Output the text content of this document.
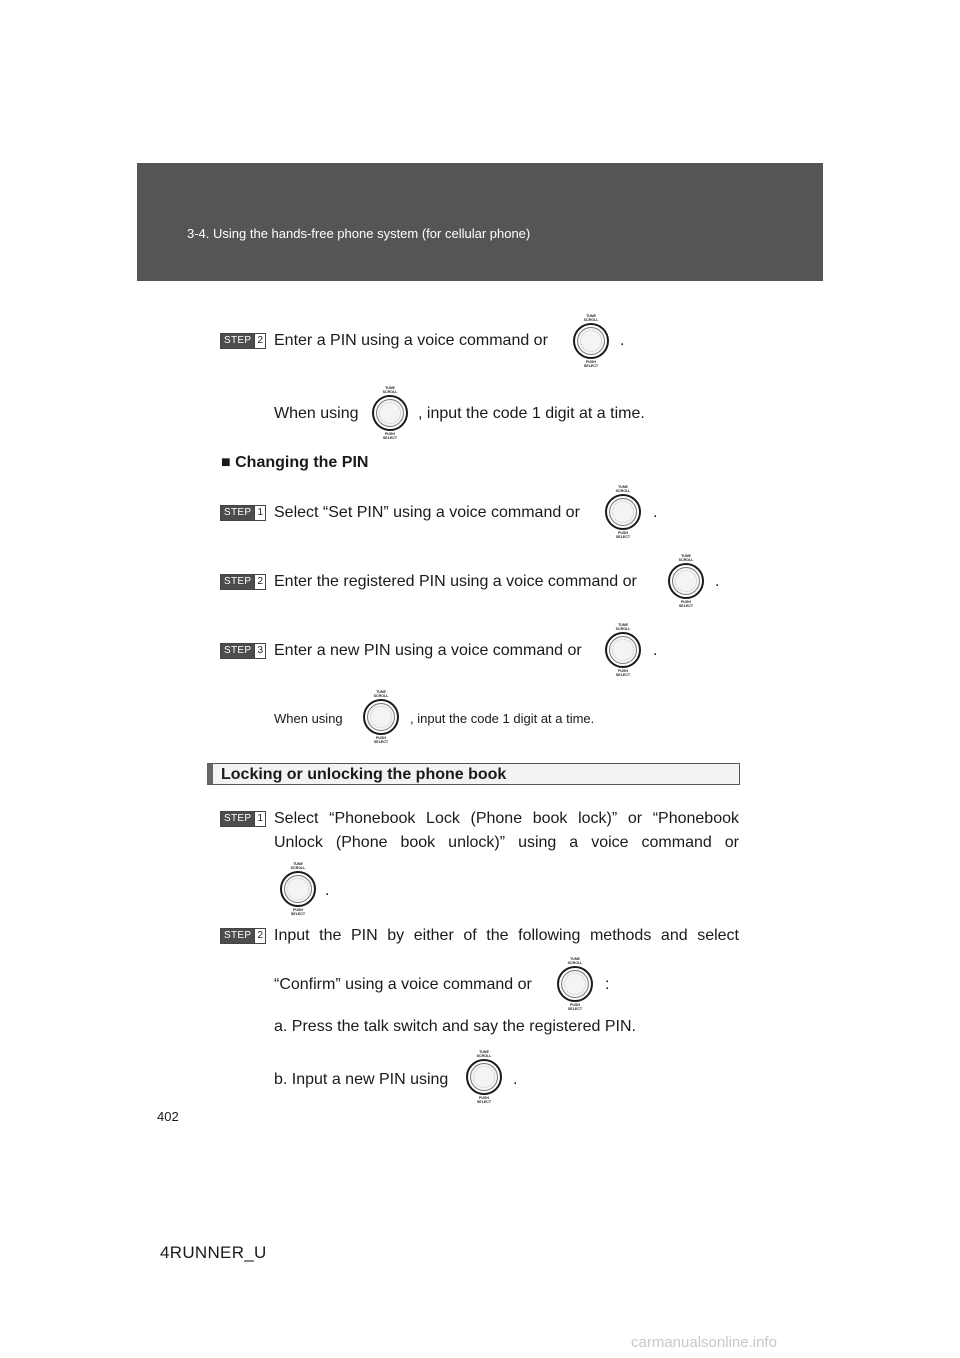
3-4. Using the hands-free phone system (for cellular phone)
STEP 2 Enter a PIN using a voice command or	.
When using	, input the code 1 digit at a time.
■ Changing the PIN
STEP 1 Select “Set PIN” using a voice command or	.
STEP 2 Enter the registered PIN using a voice command or	.
STEP 3 Enter a new PIN using a voice command or	.
When using	, input the code 1 digit at a time.
Locking or unlocking the phone book
STEP 1 Select “Phonebook Lock (Phone book lock)” or “Phonebook
Unlock (Phone book unlock)” using a voice command or
.
STEP 2 Input the PIN by either of the following methods and select
“Confirm” using a voice command or	:
a. Press the talk switch and say the registered PIN.
b. Input a new PIN using	.
402
4RUNNER_U
carmanualsonline.info
